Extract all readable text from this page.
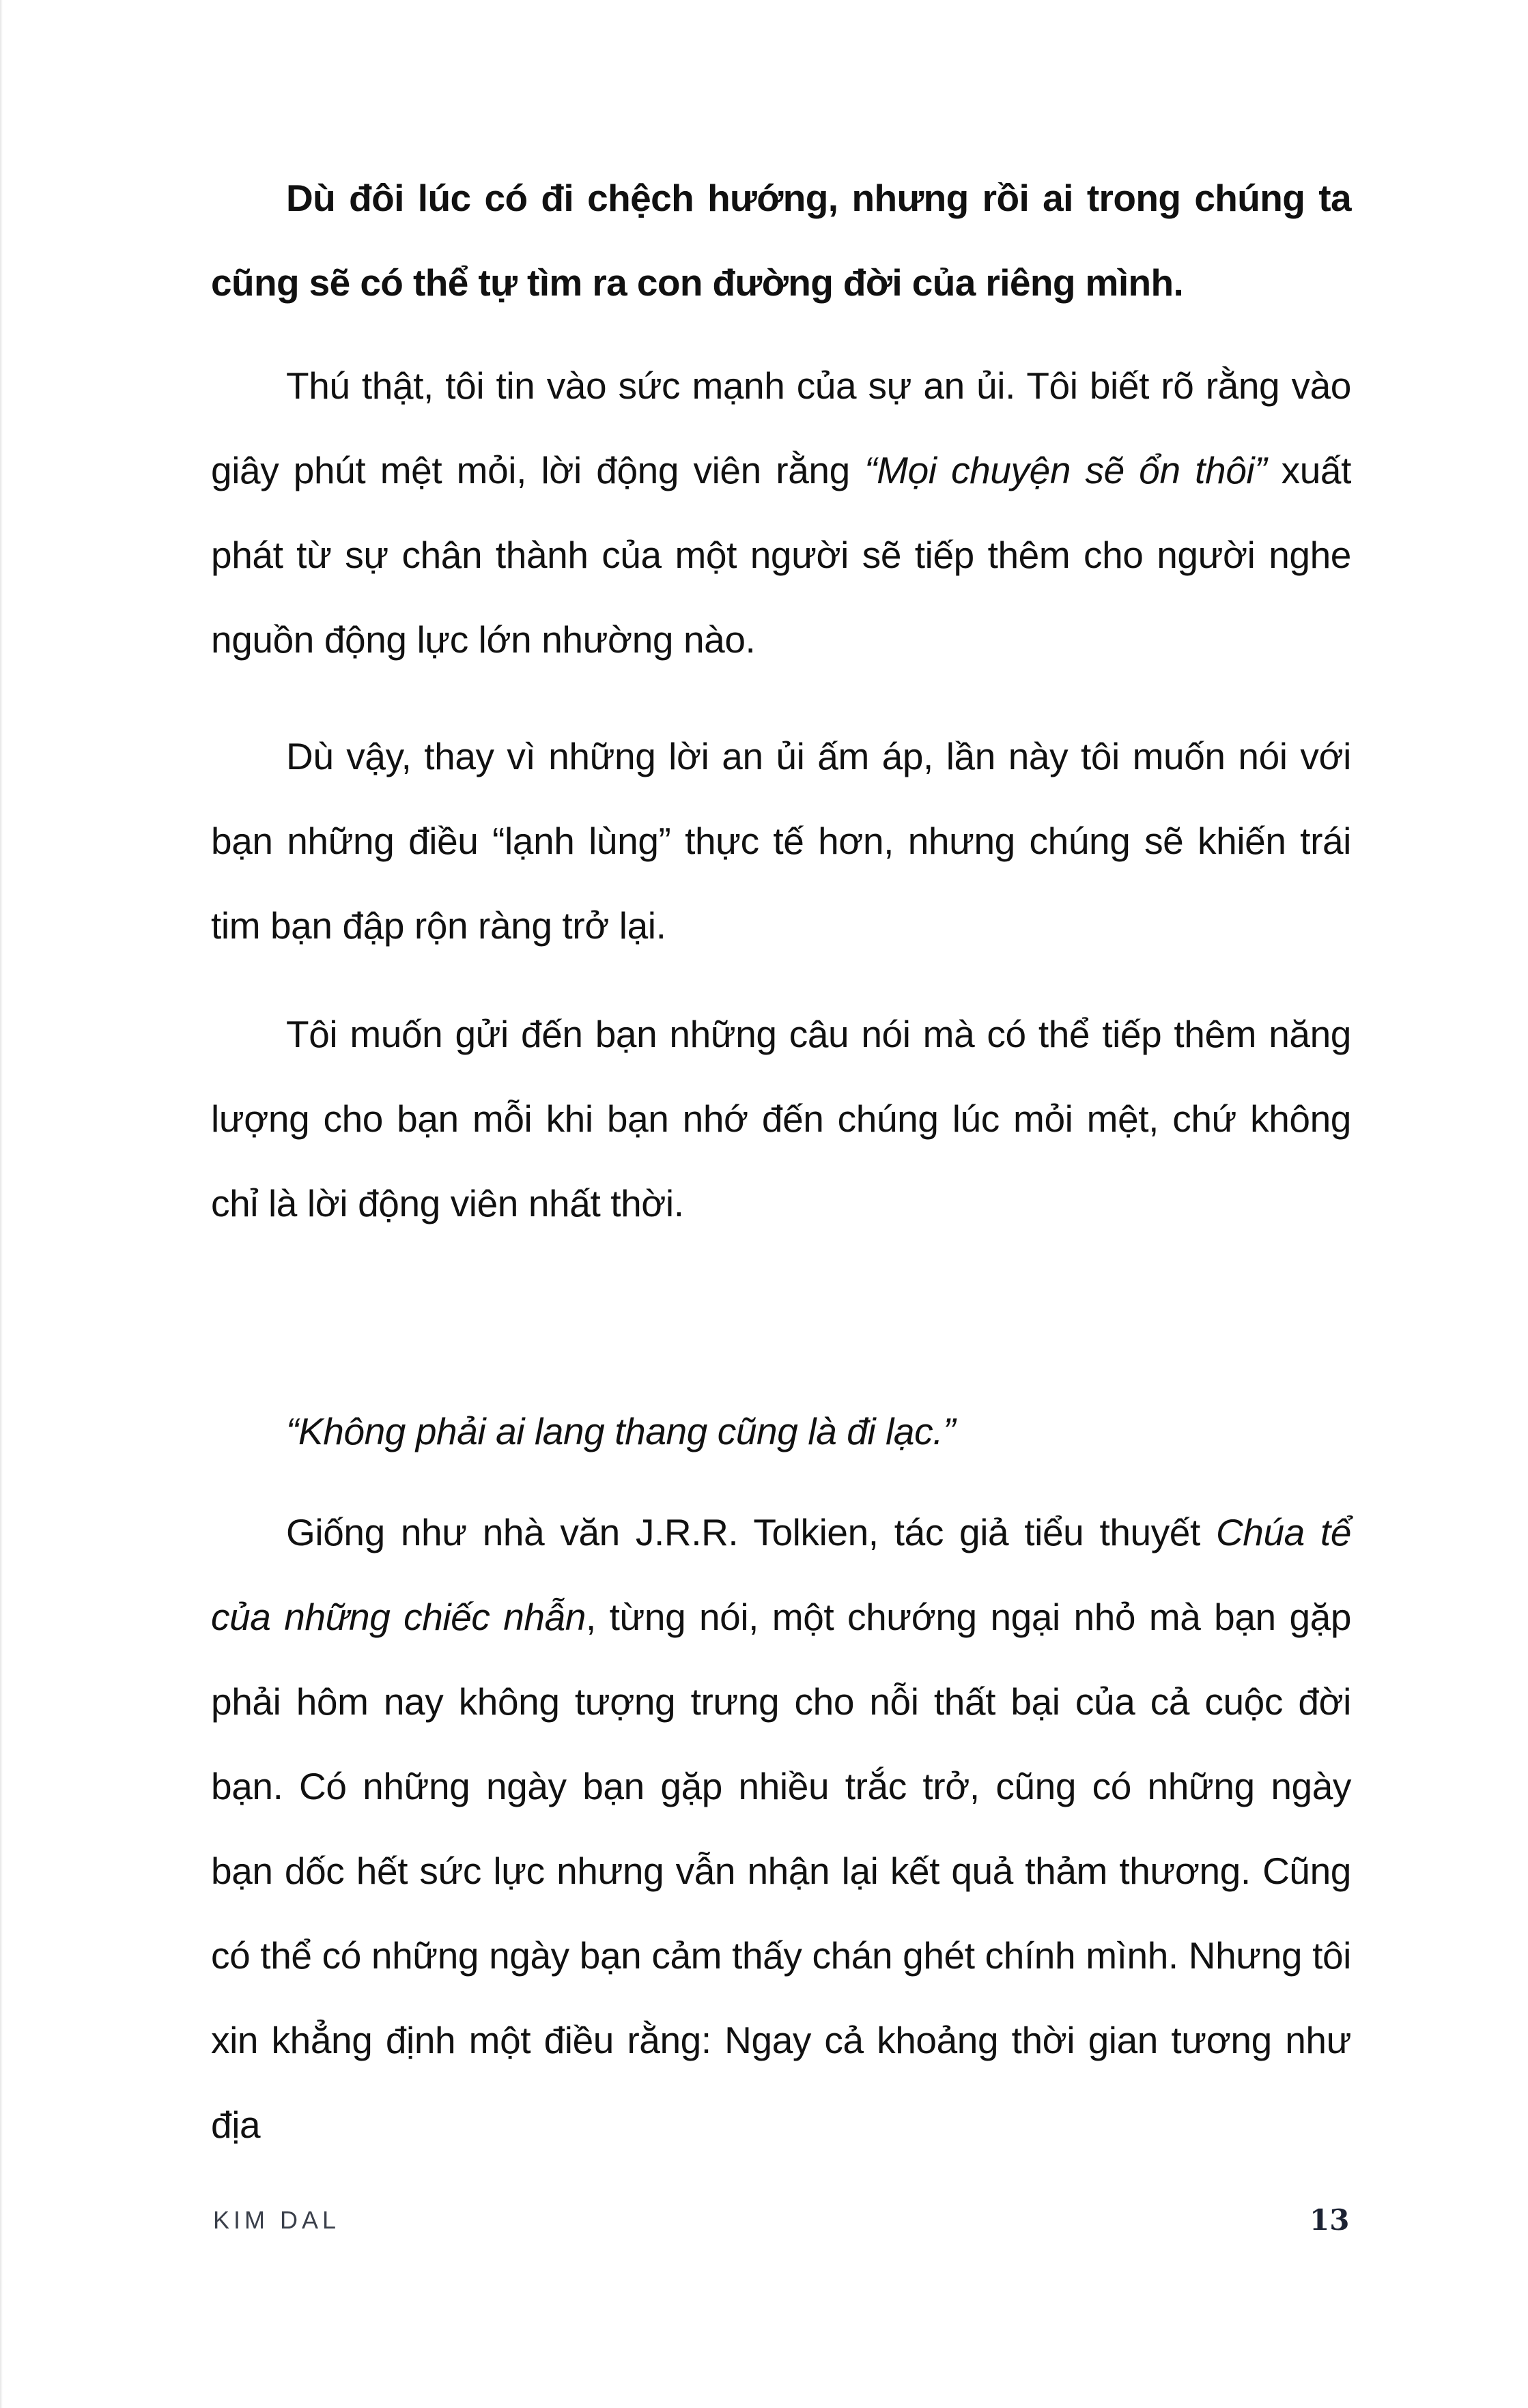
Dù đôi lúc có đi chệch hướng, nhưng rồi ai trong chúng ta cũng sẽ có thể tự tìm ra con đường đời của riêng mình.

Thú thật, tôi tin vào sức mạnh của sự an ủi. Tôi biết rõ rằng vào giây phút mệt mỏi, lời động viên rằng “Mọi chuyện sẽ ổn thôi” xuất phát từ sự chân thành của một người sẽ tiếp thêm cho người nghe nguồn động lực lớn nhường nào.

Dù vậy, thay vì những lời an ủi ấm áp, lần này tôi muốn nói với bạn những điều “lạnh lùng” thực tế hơn, nhưng chúng sẽ khiến trái tim bạn đập rộn ràng trở lại.

Tôi muốn gửi đến bạn những câu nói mà có thể tiếp thêm năng lượng cho bạn mỗi khi bạn nhớ đến chúng lúc mỏi mệt, chứ không chỉ là lời động viên nhất thời.

“Không phải ai lang thang cũng là đi lạc.”

Giống như nhà văn J.R.R. Tolkien, tác giả tiểu thuyết Chúa tể của những chiếc nhẫn, từng nói, một chướng ngại nhỏ mà bạn gặp phải hôm nay không tượng trưng cho nỗi thất bại của cả cuộc đời bạn. Có những ngày bạn gặp nhiều trắc trở, cũng có những ngày bạn dốc hết sức lực nhưng vẫn nhận lại kết quả thảm thương. Cũng có thể có những ngày bạn cảm thấy chán ghét chính mình. Nhưng tôi xin khẳng định một điều rằng: Ngay cả khoảng thời gian tương như địa

KIM DAL	13
